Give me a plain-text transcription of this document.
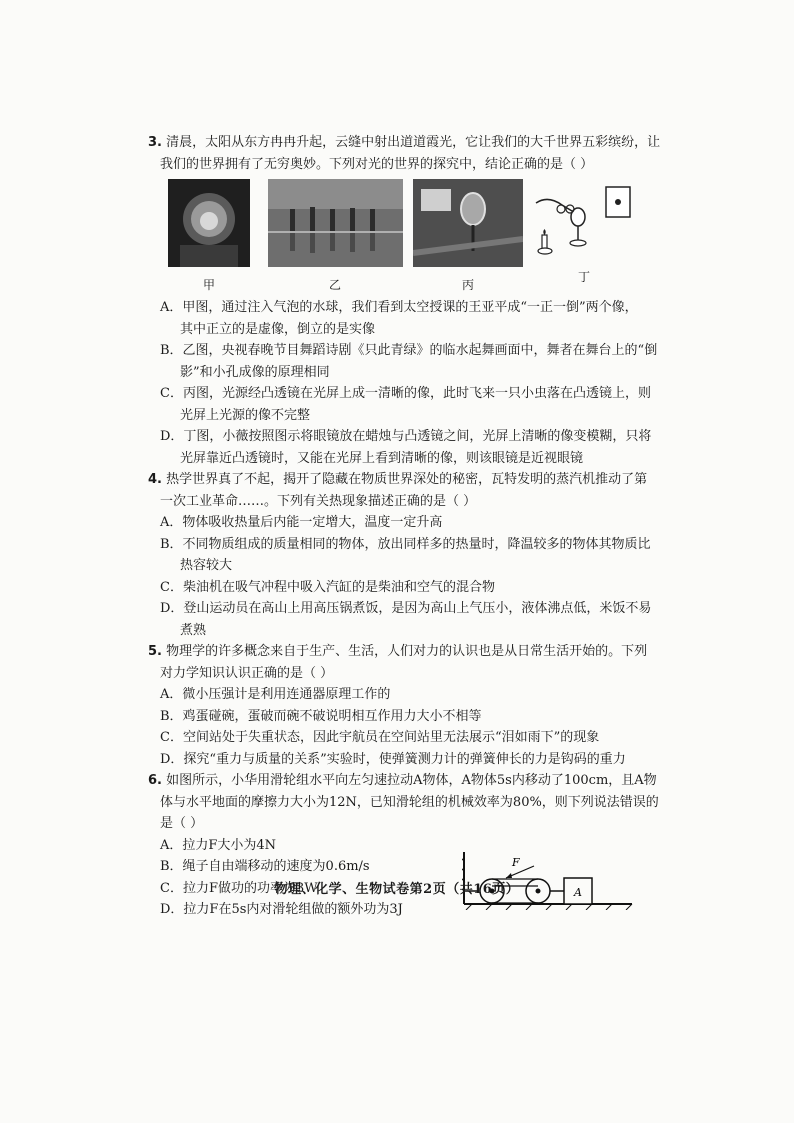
3. 清晨，太阳从东方冉冉升起，云缝中射出道道霞光，它让我们的大千世界五彩缤纷，让
我们的世界拥有了无穷奥妙。下列对光的世界的探究中，结论正确的是（ ）
甲	乙	丙
丁
A．甲图，通过注入气泡的水球，我们看到太空授课的王亚平成“一正一倒”两个像，
其中正立的是虚像，倒立的是实像
B．乙图，央视春晚节目舞蹈诗剧《只此青绿》的临水起舞画面中，舞者在舞台上的“倒
影”和小孔成像的原理相同
C．丙图，光源经凸透镜在光屏上成一清晰的像，此时飞来一只小虫落在凸透镜上，则
光屏上光源的像不完整
D．丁图，小薇按照图示将眼镜放在蜡烛与凸透镜之间，光屏上清晰的像变模糊，只将
光屏靠近凸透镜时，又能在光屏上看到清晰的像，则该眼镜是近视眼镜
4. 热学世界真了不起，揭开了隐藏在物质世界深处的秘密，瓦特发明的蒸汽机推动了第
一次工业革命……。下列有关热现象描述正确的是（ ）
A．物体吸收热量后内能一定增大，温度一定升高
B．不同物质组成的质量相同的物体，放出同样多的热量时，降温较多的物体其物质比
热容较大
C．柴油机在吸气冲程中吸入汽缸的是柴油和空气的混合物
D．登山运动员在高山上用高压锅煮饭，是因为高山上气压小，液体沸点低，米饭不易
煮熟
5. 物理学的许多概念来自于生产、生活，人们对力的认识也是从日常生活开始的。下列
对力学知识认识正确的是（ ）
A．微小压强计是利用连通器原理工作的
B．鸡蛋碰碗，蛋破而碗不破说明相互作用力大小不相等
C．空间站处于失重状态，因此宇航员在空间站里无法展示“泪如雨下”的现象
D．探究“重力与质量的关系”实验时，使弹簧测力计的弹簧伸长的力是钩码的重力
6. 如图所示，小华用滑轮组水平向左匀速拉动A物体，A物体5s内移动了100cm，且A物
体与水平地面的摩擦力大小为12N，已知滑轮组的机械效率为80%，则下列说法错误的
是（ ）
A．拉力F大小为4N
B．绳子自由端移动的速度为0.6m/s
C．拉力F做功的功率为3W
D．拉力F在5s内对滑轮组做的额外功为3J
A
F
物理、化学、生物试卷第2页（共16页）
